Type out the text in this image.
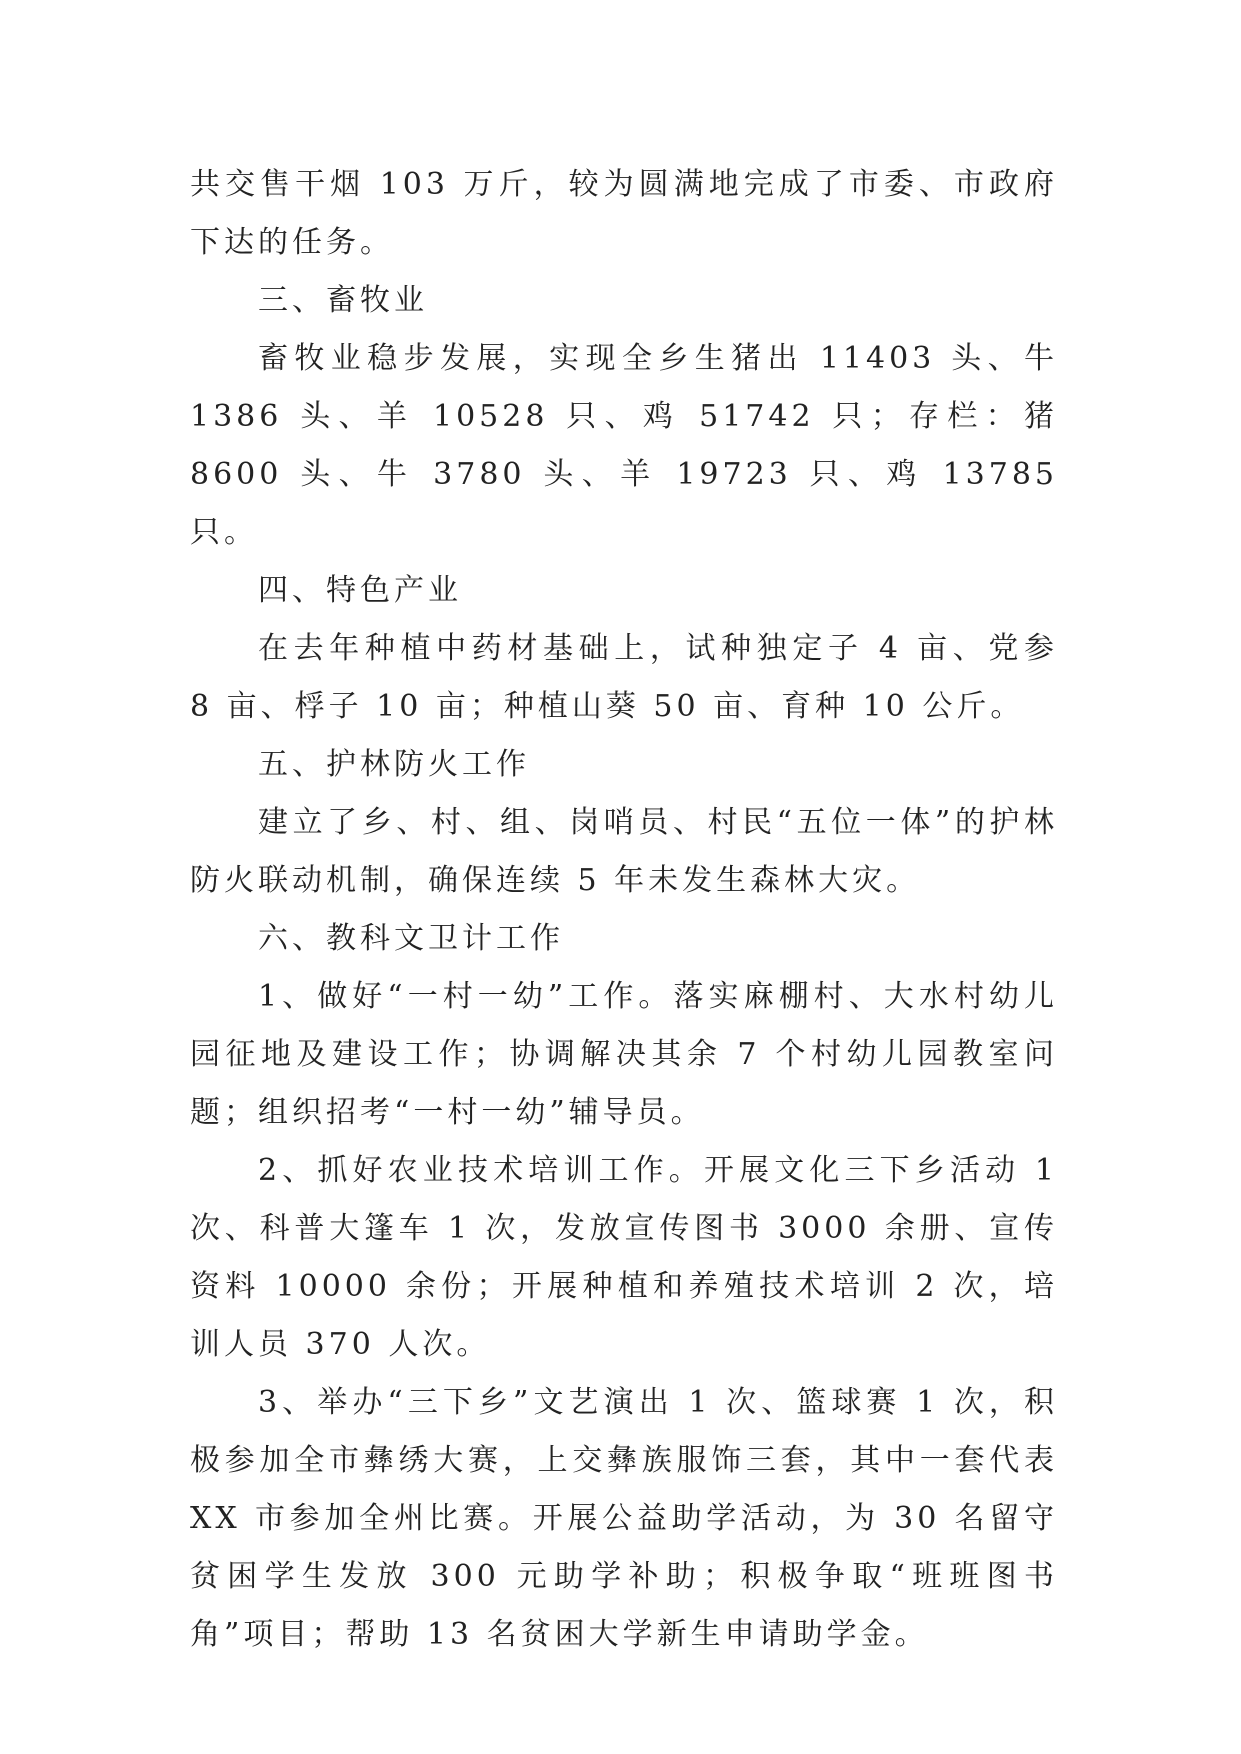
共交售干烟 103 万斤，较为圆满地完成了市委、市政府下达的任务。

三、畜牧业

畜牧业稳步发展，实现全乡生猪出 11403 头、牛 1386 头、羊 10528 只、鸡 51742 只；存栏：猪 8600 头、牛 3780 头、羊 19723 只、鸡 13785 只。

四、特色产业

在去年种植中药材基础上，试种独定子 4 亩、党参 8 亩、桴子 10 亩；种植山葵 50 亩、育种 10 公斤。

五、护林防火工作

建立了乡、村、组、岗哨员、村民“五位一体”的护林防火联动机制，确保连续 5 年未发生森林大灾。

六、教科文卫计工作

1、做好“一村一幼”工作。落实麻棚村、大水村幼儿园征地及建设工作；协调解决其余 7 个村幼儿园教室问题；组织招考“一村一幼”辅导员。

2、抓好农业技术培训工作。开展文化三下乡活动 1 次、科普大篷车 1 次，发放宣传图书 3000 余册、宣传资料 10000 余份；开展种植和养殖技术培训 2 次，培训人员 370 人次。

3、举办“三下乡”文艺演出 1 次、篮球赛 1 次，积极参加全市彝绣大赛，上交彝族服饰三套，其中一套代表 XX 市参加全州比赛。开展公益助学活动，为 30 名留守贫困学生发放 300 元助学补助；积极争取“班班图书角”项目；帮助 13 名贫困大学新生申请助学金。
